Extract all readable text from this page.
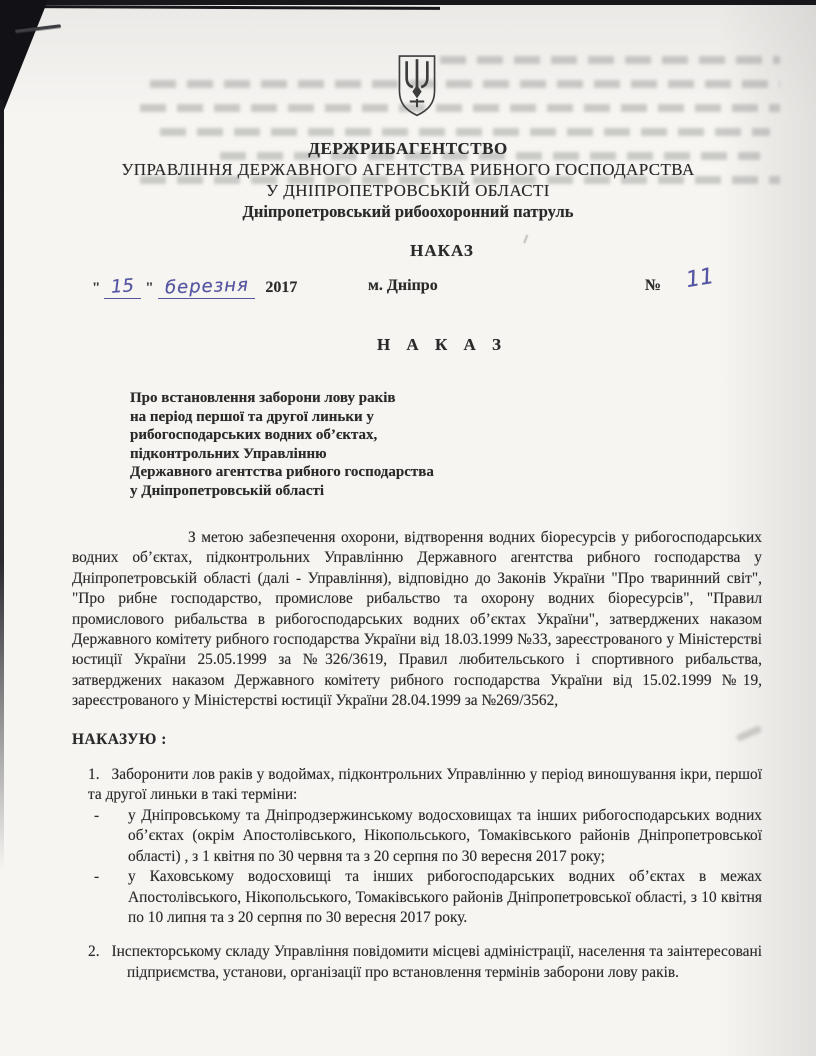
ДЕРЖРИБАГЕНТСТВО
УПРАВЛІННЯ ДЕРЖАВНОГО АГЕНТСТВА РИБНОГО ГОСПОДАРСТВА
У ДНІПРОПЕТРОВСЬКІЙ ОБЛАСТІ
Дніпропетровський рибоохоронний патруль
НАКАЗ
" 15 " березня 2017	м. Дніпро	№ 11
Н А К А З
Про встановлення заборони лову раків
на період першої та другої линьки у
рибогосподарських водних об’єктах,
підконтрольних Управлінню
Державного агентства рибного господарства
у Дніпропетровській області

З метою забезпечення охорони, відтворення водних біоресурсів у рибогосподарських водних об’єктах, підконтрольних Управлінню Державного агентства рибного господарства у Дніпропетровській області (далі - Управління), відповідно до Законів України "Про тваринний світ", "Про рибне господарство, промислове рибальство та охорону водних біоресурсів", "Правил промислового рибальства в рибогосподарських водних об’єктах України", затверджених наказом Державного комітету рибного господарства України від 18.03.1999 №33, зареєстрованого у Міністерстві юстиції України 25.05.1999 за №326/3619, Правил любительського і спортивного рибальства, затверджених наказом Державного комітету рибного господарства України від 15.02.1999 №19, зареєстрованого у Міністерстві юстиції України 28.04.1999 за №269/3562,

НАКАЗУЮ :

1. Заборонити лов раків у водоймах, підконтрольних Управлінню у період виношування ікри, першої та другої линьки в такі терміни:

- у Дніпровському та Дніпродзержинському водосховищах та інших рибогосподарських водних об’єктах (окрім Апостолівського, Нікопольського, Томаківського районів Дніпропетровської області) , з 1 квітня по 30 червня та з 20 серпня по 30 вересня 2017 року;
- у Каховському водосховищі та інших рибогосподарських водних об’єктах в межах Апостолівського, Нікопольського, Томаківського районів Дніпропетровської області, з 10 квітня по 10 липня та з 20 серпня по 30 вересня 2017 року.

2. Інспекторському складу Управління повідомити місцеві адміністрації, населення та заінтересовані підприємства, установи, організації про встановлення термінів заборони лову раків.
